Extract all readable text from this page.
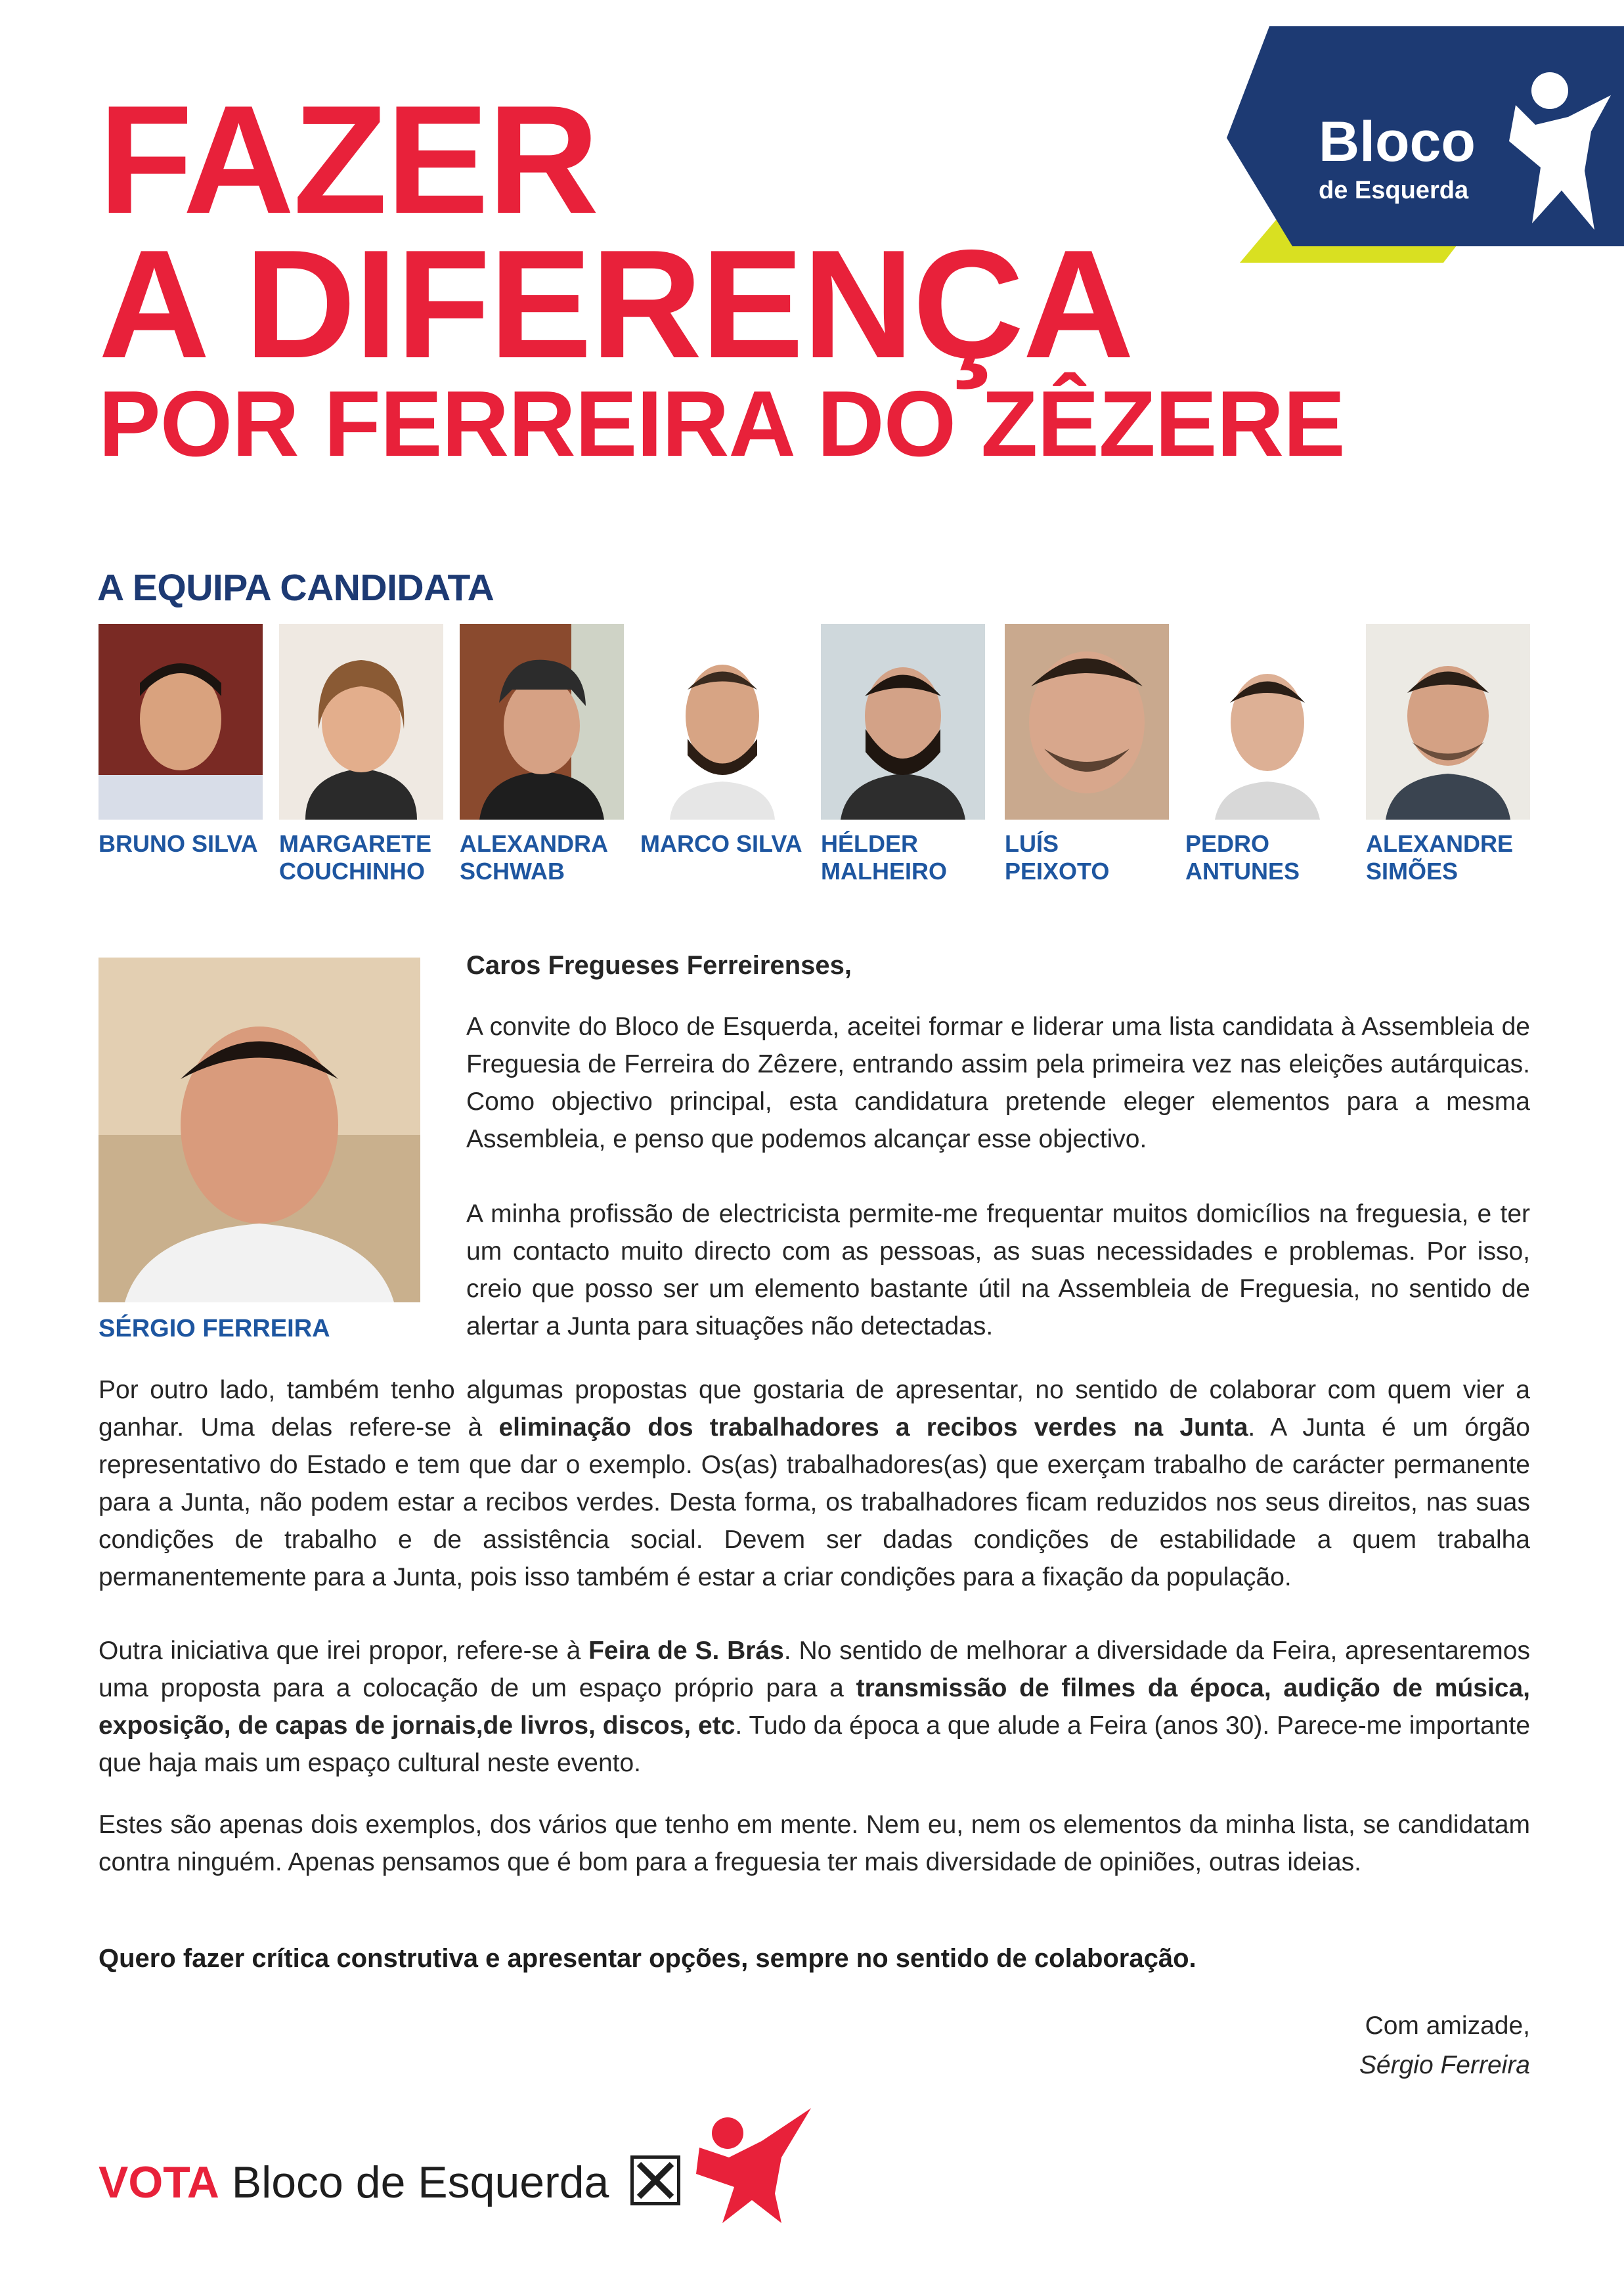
FAZER
A DIFERENÇA
POR FERREIRA DO ZÊZERE
Bloco
de Esquerda
A EQUIPA CANDIDATA
BRUNO SILVA MARGARETE
COUCHINHO
ALEXANDRA
SCHWAB
MARCO SILVA HÉLDER
MALHEIRO
LUÍS
PEIXOTO
PEDRO
ANTUNES
ALEXANDRE
SIMÕES
SÉRGIO FERREIRA
Caros Fregueses Ferreirenses,
A convite do Bloco de Esquerda, aceitei formar e liderar uma lista candidata à Assembleia de Freguesia de Ferreira do Zêzere, entrando assim pela primeira vez nas eleições autárquicas. Como objectivo principal, esta candidatura pretende eleger elementos para a mesma Assembleia, e penso que podemos alcançar esse objectivo.
A minha profissão de electricista permite-me frequentar muitos domicílios na freguesia, e ter um contacto muito directo com as pessoas, as suas necessidades e problemas. Por isso, creio que posso ser um elemento bastante útil na Assembleia de Freguesia, no sentido de alertar a Junta para situações não detectadas.
Por outro lado, também tenho algumas propostas que gostaria de apresentar, no sentido de colaborar com quem vier a ganhar. Uma delas refere-se à eliminação dos trabalhadores a recibos verdes na Junta. A Junta é um órgão representativo do Estado e tem que dar o exemplo. Os(as) trabalhadores(as) que exerçam trabalho de carácter permanente para a Junta, não podem estar a recibos verdes. Desta forma, os trabalhadores ficam reduzidos nos seus direitos, nas suas condições de trabalho e de assistência social. Devem ser dadas condições de estabilidade a quem trabalha permanentemente para a Junta, pois isso também é estar a criar condições para a fixação da população.
Outra iniciativa que irei propor, refere-se à Feira de S. Brás. No sentido de melhorar a diversidade da Feira, apresentaremos uma proposta para a colocação de um espaço próprio para a transmissão de filmes da época, audição de música, exposição, de capas de jornais,de livros, discos, etc. Tudo da época a que alude a Feira (anos 30). Parece-me importante que haja mais um espaço cultural neste evento.
Estes são apenas dois exemplos, dos vários que tenho em mente. Nem eu, nem os elementos da minha lista, se candidatam contra ninguém. Apenas pensamos que é bom para a freguesia ter mais diversidade de opiniões, outras ideias.
Quero fazer crítica construtiva e apresentar opções, sempre no sentido de colaboração.
Com amizade,
Sérgio Ferreira
VOTA Bloco de Esquerda
